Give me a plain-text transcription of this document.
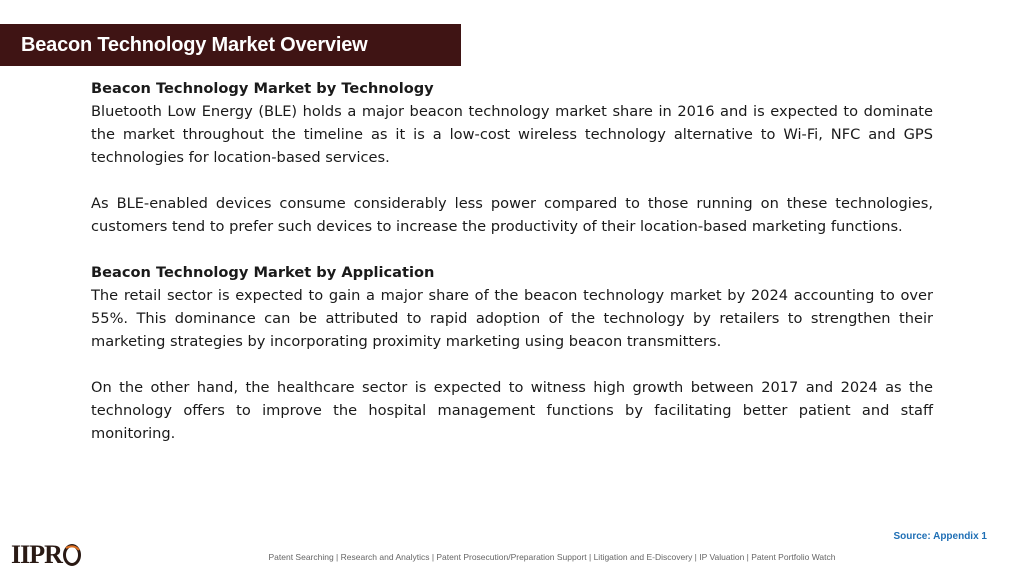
Beacon Technology Market Overview

Beacon Technology Market by Technology

Bluetooth Low Energy (BLE) holds a major beacon technology market share in 2016 and is expected to dominate the market throughout the timeline as it is a low-cost wireless technology alternative to Wi-Fi, NFC and GPS technologies for location-based services.

As BLE-enabled devices consume considerably less power compared to those running on these technologies, customers tend to prefer such devices to increase the productivity of their location-based marketing functions.

Beacon Technology Market by Application

The retail sector is expected to gain a major share of the beacon technology market by 2024 accounting to over 55%. This dominance can be attributed to rapid adoption of the technology by retailers to strengthen their marketing strategies by incorporating proximity marketing using beacon transmitters.

On the other hand, the healthcare sector is expected to witness high growth between 2017 and 2024 as the technology offers to improve the hospital management functions by facilitating better patient and staff monitoring.

Source: Appendix 1
IIPR	Patent Searching | Research and Analytics | Patent Prosecution/Preparation Support | Litigation and E-Discovery | IP Valuation | Patent Portfolio Watch
